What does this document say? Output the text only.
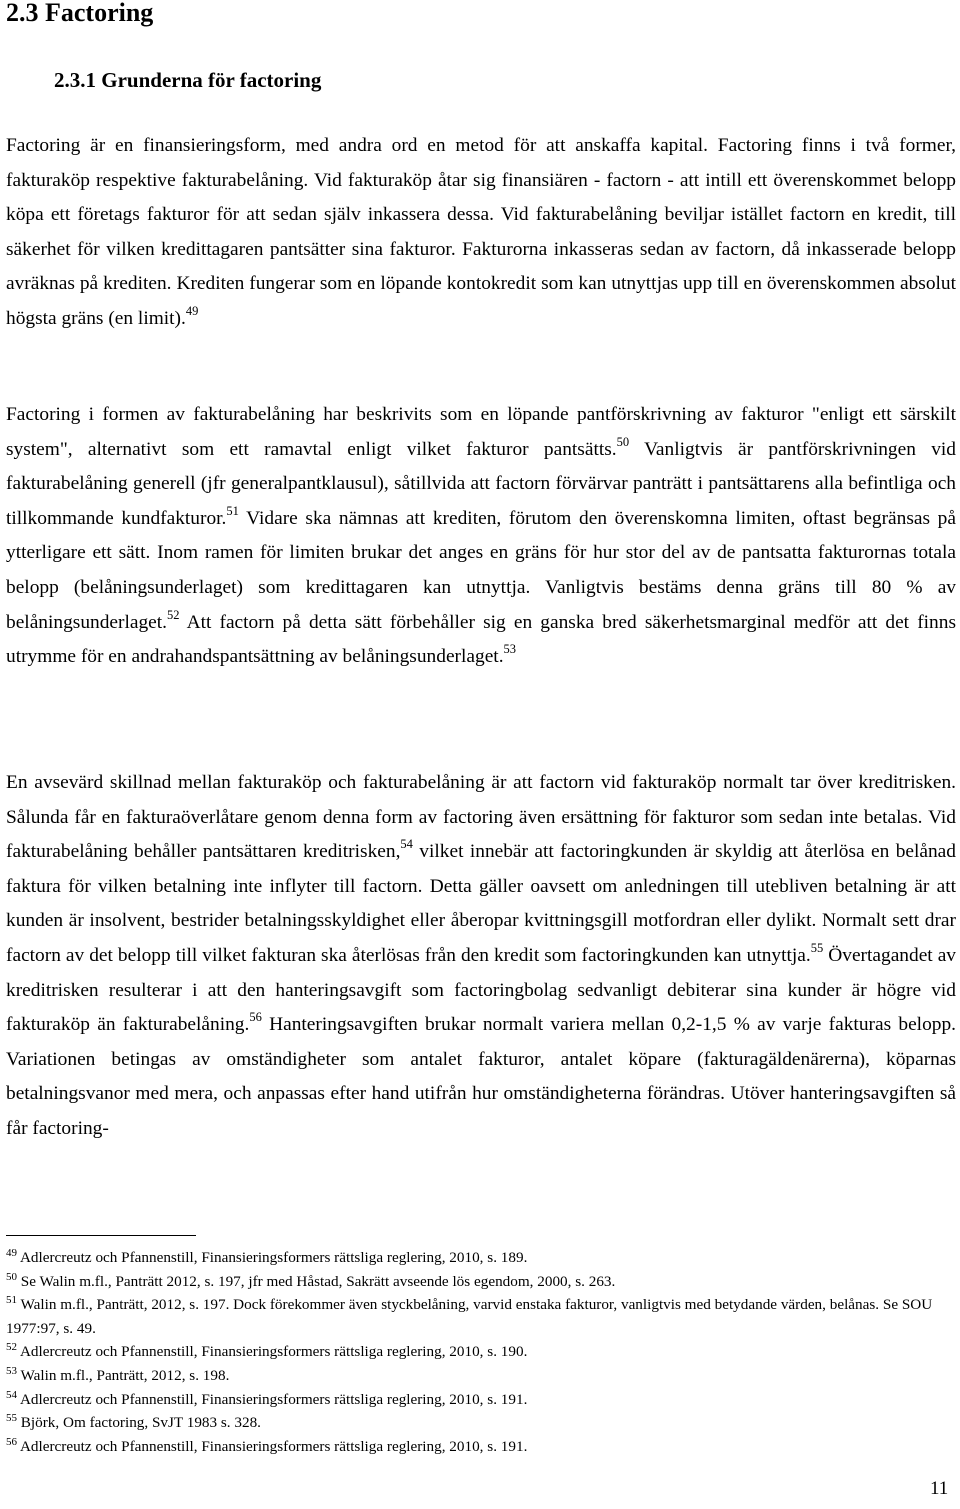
2.3 Factoring
2.3.1 Grunderna för factoring

Factoring är en finansieringsform, med andra ord en metod för att anskaffa kapital. Factoring finns i två former, fakturaköp respektive fakturabelåning. Vid fakturaköp åtar sig finansiären - factorn - att intill ett överenskommet belopp köpa ett företags fakturor för att sedan själv inkassera dessa. Vid fakturabelåning beviljar istället factorn en kredit, till säkerhet för vilken kredittagaren pantsätter sina fakturor. Fakturorna inkasseras sedan av factorn, då inkasserade belopp avräknas på krediten. Krediten fungerar som en löpande kontokredit som kan utnyttjas upp till en överenskommen absolut högsta gräns (en limit).$^{49}$

Factoring i formen av fakturabelåning har beskrivits som en löpande pantförskrivning av fakturor "enligt ett särskilt system", alternativt som ett ramavtal enligt vilket fakturor pantsätts.$^{50}$ Vanligtvis är pantförskrivningen vid fakturabelåning generell (jfr generalpantklausul), såtillvida att factorn förvärvar panträtt i pantsättarens alla befintliga och tillkommande kundfakturor.$^{51}$ Vidare ska nämnas att krediten, förutom den överenskomna limiten, oftast begränsas på ytterligare ett sätt. Inom ramen för limiten brukar det anges en gräns för hur stor del av de pantsatta fakturornas totala belopp (belåningsunderlaget) som kredittagaren kan utnyttja. Vanligtvis bestäms denna gräns till 80 % av belåningsunderlaget.$^{52}$ Att factorn på detta sätt förbehåller sig en ganska bred säkerhetsmarginal medför att det finns utrymme för en andrahandspantsättning av belåningsunderlaget.$^{53}$

En avsevärd skillnad mellan fakturaköp och fakturabelåning är att factorn vid fakturaköp normalt tar över kreditrisken. Sålunda får en fakturaöverlåtare genom denna form av factoring även ersättning för fakturor som sedan inte betalas. Vid fakturabelåning behåller pantsättaren kreditrisken,$^{54}$ vilket innebär att factoringkunden är skyldig att återlösa en belånad faktura för vilken betalning inte inflyter till factorn. Detta gäller oavsett om anledningen till utebliven betalning är att kunden är insolvent, bestrider betalningsskyldighet eller åberopar kvittningsgill motfordran eller dylikt. Normalt sett drar factorn av det belopp till vilket fakturan ska återlösas från den kredit som factoringkunden kan utnyttja.$^{55}$ Övertagandet av kreditrisken resulterar i att den hanteringsavgift som factoringbolag sedvanligt debiterar sina kunder är högre vid fakturaköp än fakturabelåning.$^{56}$ Hanteringsavgiften brukar normalt variera mellan 0,2-1,5 % av varje fakturas belopp. Variationen betingas av omständigheter som antalet fakturor, antalet köpare (fakturagäldenärerna), köparnas betalningsvanor med mera, och anpassas efter hand utifrån hur omständigheterna förändras. Utöver hanteringsavgiften så får factoring-

$^{49}$ Adlercreutz och Pfannenstill, Finansieringsformers rättsliga reglering, 2010, s. 189.

$^{50}$ Se Walin m.fl., Panträtt 2012, s. 197, jfr med Håstad, Sakrätt avseende lös egendom, 2000, s. 263.

$^{51}$ Walin m.fl., Panträtt, 2012, s. 197. Dock förekommer även styckbelåning, varvid enstaka fakturor, vanligtvis med betydande värden, belånas. Se SOU 1977:97, s. 49.

$^{52}$ Adlercreutz och Pfannenstill, Finansieringsformers rättsliga reglering, 2010, s. 190.

$^{53}$ Walin m.fl., Panträtt, 2012, s. 198.

$^{54}$ Adlercreutz och Pfannenstill, Finansieringsformers rättsliga reglering, 2010, s. 191.

$^{55}$ Björk, Om factoring, SvJT 1983 s. 328.

$^{56}$ Adlercreutz och Pfannenstill, Finansieringsformers rättsliga reglering, 2010, s. 191.

11
